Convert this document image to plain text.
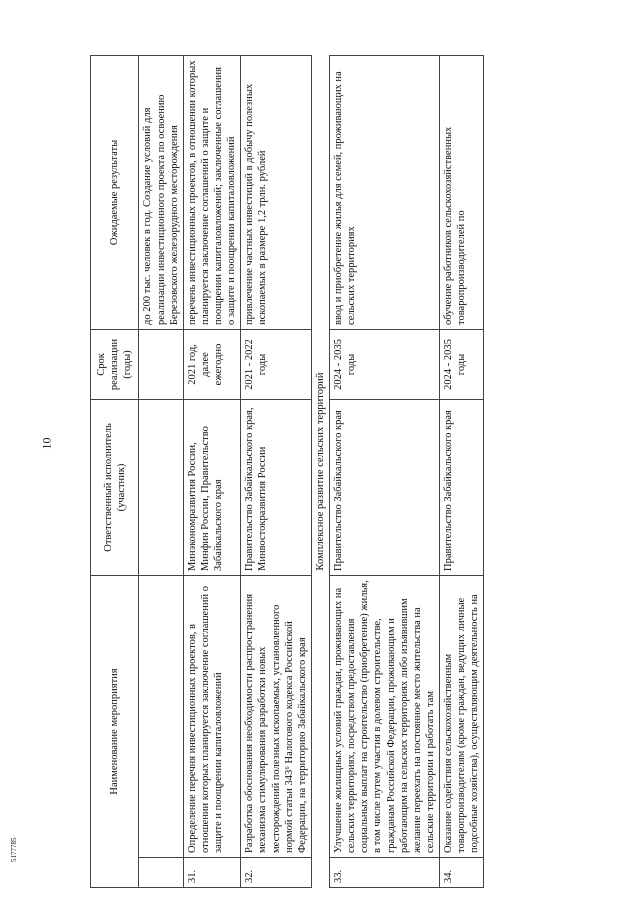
10
5177785
Наименование мероприятия		Ответственный исполнитель (участник)	Срок реализации (годы)	Ожидаемые результаты
				до 200 тыс. человек в год. Создание условий для реализации инвестиционного проекта по освоению Березовского железорудного месторождения
31.	Определение перечня инвестиционных проектов, в отношении которых планируется заключение соглашений о защите и поощрении капиталовложений	Минэкономразвития России, Минфин России, Правительство Забайкальского края	2021 год, далее ежегодно	перечень инвестиционных проектов, в отношении которых планируется заключение соглашений о защите и поощрении капиталовложений; заключенные соглашения о защите и поощрении капиталовложений
32.	Разработка обоснования необходимости распространения механизма стимулирования разработки новых месторождений полезных ископаемых, установленного нормой статьи 343⁶ Налогового кодекса Российской Федерации, на территорию Забайкальского края	Правительство Забайкальского края, Минвостокразвития России	2021 - 2022 годы	привлечение частных инвестиций в добычу полезных ископаемых в размере 1,2 трлн. рублей
Комплексное развитие сельских территорий				
33.	Улучшение жилищных условий граждан, проживающих на сельских территориях, посредством предоставления социальных выплат на строительство (приобретение) жилья, в том числе путем участия в долевом строительстве, гражданам Российской Федерации, проживающим и работающим на сельских территориях либо изъявившим желание переехать на постоянное место жительства на сельские территории и работать там	Правительство Забайкальского края	2024 - 2035 годы	ввод и приобретение жилья для семей, проживающих на сельских территориях
34.	Оказание содействия сельскохозяйственным товаропроизводителям (кроме граждан, ведущих личные подсобные хозяйства), осуществляющим деятельность на	Правительство Забайкальского края	2024 - 2035 годы	обучение работников сельскохозяйственных товаропроизводителей по
